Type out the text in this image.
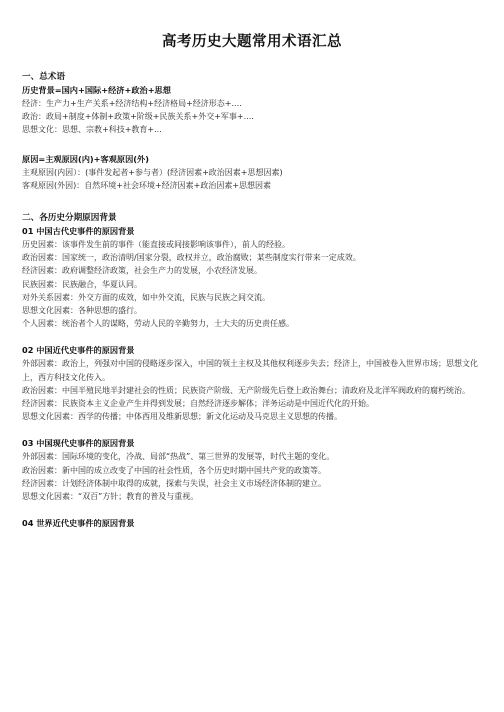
高考历史大题常用术语汇总

一、总术语

历史背景=国内+国际+经济+政治+思想

经济：生产力+生产关系+经济结构+经济格局+经济形态+....

政治：政局+制度+体制+政策+阶级+民族关系+外交+军事+....

思想文化：思想、宗教+科技+教育+...

原因=主观原因(内)+客观原因(外)

主观原因(内因）：(事件发起者+参与者）(经济因素+政治因素+思想因素)

客观原因(外因)：自然环境+社会环境+经济因素+政治因素+思想因素

二、各历史分期原因背景

01 中国古代史事件的原因背景

历史因素：该事件发生前的事件（能直接或间接影响该事件），前人的经验。

政治因素：国家统一，政治清明/国家分裂，政权并立，政治腐败；某些制度实行带来一定成效。

经济因素：政府调整经济政策，社会生产力的发展，小农经济发展。

民族因素：民族融合，华夏认同。

对外关系因素：外交方面的成效，如中外交流，民族与民族之间交流。

思想文化因素：各种思想的盛行。

个人因素：统治者个人的谋略，劳动人民的辛勤努力，士大夫的历史责任感。

02 中国近代史事件的原因背景

外部因素：政治上，列强对中国的侵略逐步深入，中国的领土主权及其他权利逐步失去；经济上，中国被卷入世界市场；思想文化上，西方科技文化传入。

政治因素：中国半殖民地半封建社会的性质；民族资产阶级、无产阶级先后登上政治舞台；清政府及北洋军阀政府的腐朽统治。

经济因素：民族资本主义企业产生并得到发展；自然经济逐步解体；洋务运动是中国近代化的开始。

思想文化因素：西学的传播；中体西用及维新思想；新文化运动及马克思主义思想的传播。

03 中国现代史事件的原因背景

外部因素：国际环境的变化，冷战、局部“热战”、第三世界的发展等，时代主题的变化。

政治因素：新中国的成立改变了中国的社会性质，各个历史时期中国共产党的政策等。

经济因素：计划经济体制中取得的成就，探索与失误，社会主义市场经济体制的建立。

思想文化因素：“双百”方针；教育的普及与重视。

04 世界近代史事件的原因背景
